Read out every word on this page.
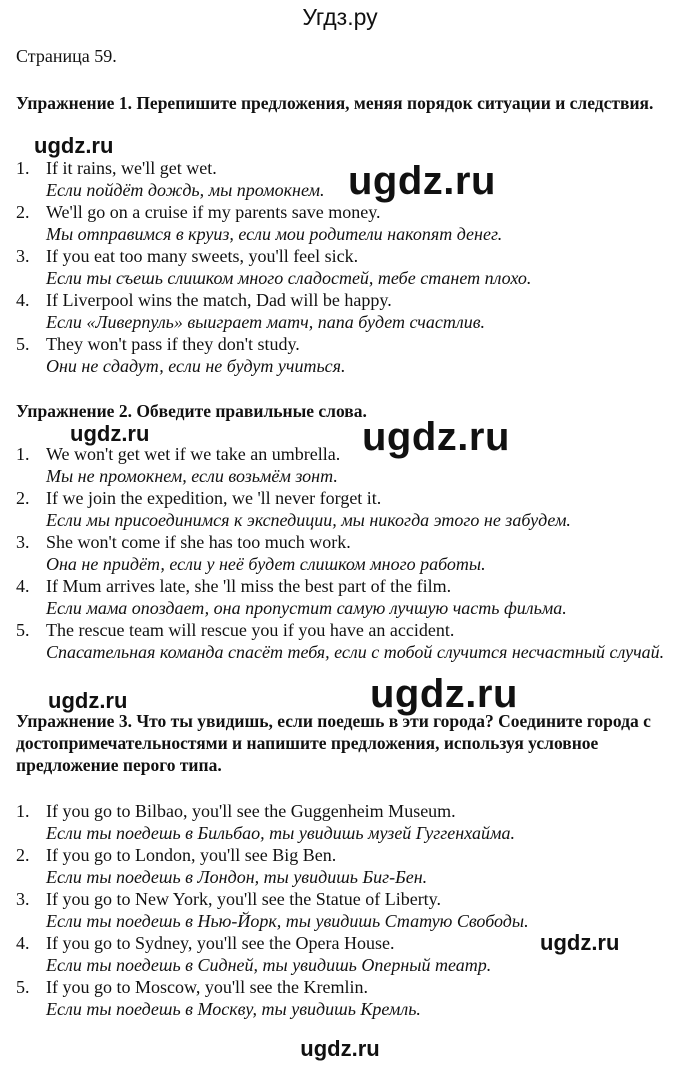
Угдз.ру
Страница 59.
Упражнение 1. Перепишите предложения, меняя порядок ситуации и следствия.
1. If it rains, we'll get wet.
Если пойдёт дождь, мы промокнем.
2. We'll go on a cruise if my parents save money.
Мы отправимся в круиз, если мои родители накопят денег.
3. If you eat too many sweets, you'll feel sick.
Если ты съешь слишком много сладостей, тебе станет плохо.
4. If Liverpool wins the match, Dad will be happy.
Если «Ливерпуль» выиграет матч, папа будет счастлив.
5. They won't pass if they don't study.
Они не сдадут, если не будут учиться.
Упражнение 2. Обведите правильные слова.
1. We won't get wet if we take an umbrella.
Мы не промокнем, если возьмём зонт.
2. If we join the expedition, we 'll never forget it.
Если мы присоединимся к экспедиции, мы никогда этого не забудем.
3. She won't come if she has too much work.
Она не придёт, если у неё будет слишком много работы.
4. If Mum arrives late, she 'll miss the best part of the film.
Если мама опоздает, она пропустит самую лучшую часть фильма.
5. The rescue team will rescue you if you have an accident.
Спасательная команда спасёт тебя, если с тобой случится несчастный случай.
Упражнение 3. Что ты увидишь, если поедешь в эти города? Соедините города с достопримечательностями и напишите предложения, используя условное предложение перого типа.
1. If you go to Bilbao, you'll see the Guggenheim Museum.
Если ты поедешь в Бильбао, ты увидишь музей Гуггенхайма.
2. If you go to London, you'll see Big Ben.
Если ты поедешь в Лондон, ты увидишь Биг-Бен.
3. If you go to New York, you'll see the Statue of Liberty.
Если ты поедешь в Нью-Йорк, ты увидишь Статую Свободы.
4. If you go to Sydney, you'll see the Opera House.
Если ты поедешь в Сидней, ты увидишь Оперный театр.
5. If you go to Moscow, you'll see the Kremlin.
Если ты поедешь в Москву, ты увидишь Кремль.
ugdz.ru
ugdz.ru
ugdz.ru	ugdz.ru
ugdz.ru	ugdz.ru
ugdz.ru
ugdz.ru
